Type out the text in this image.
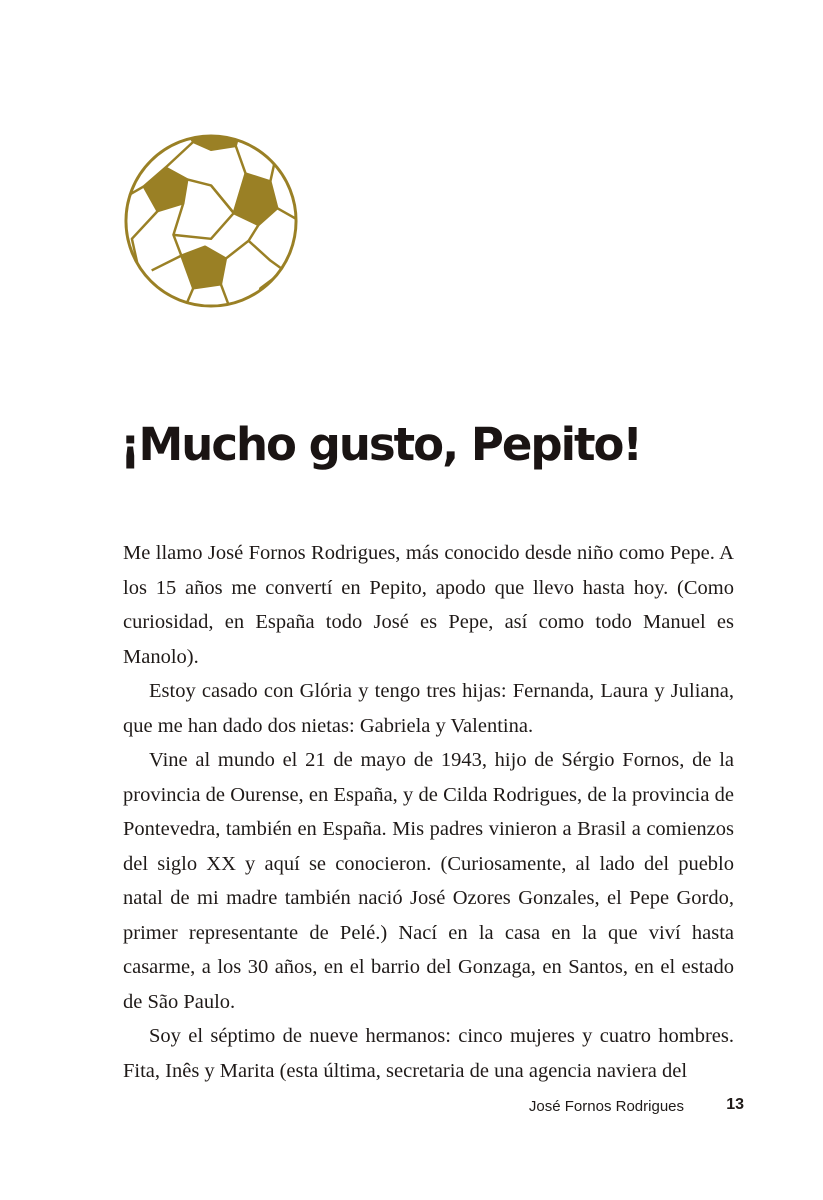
¡Mucho gusto, Pepito!

Me llamo José Fornos Rodrigues, más conocido desde niño como Pepe. A los 15 años me convertí en Pepito, apodo que llevo hasta hoy. (Como curiosidad, en España todo José es Pepe, así como todo Manuel es Manolo).

Estoy casado con Glória y tengo tres hijas: Fernanda, Laura y Juliana, que me han dado dos nietas: Gabriela y Valentina.

Vine al mundo el 21 de mayo de 1943, hijo de Sérgio Fornos, de la provincia de Ourense, en España, y de Cilda Rodrigues, de la provincia de Pontevedra, también en España. Mis padres vinieron a Brasil a comienzos del siglo XX y aquí se conocieron. (Curiosamente, al lado del pueblo natal de mi madre también nació José Ozores Gonzales, el Pepe Gordo, primer representante de Pelé.) Nací en la casa en la que viví hasta casarme, a los 30 años, en el barrio del Gonzaga, en Santos, en el estado de São Paulo.

Soy el séptimo de nueve hermanos: cinco mujeres y cuatro hombres. Fita, Inês y Marita (esta última, secretaria de una agencia naviera del

José Fornos Rodrigues	13
